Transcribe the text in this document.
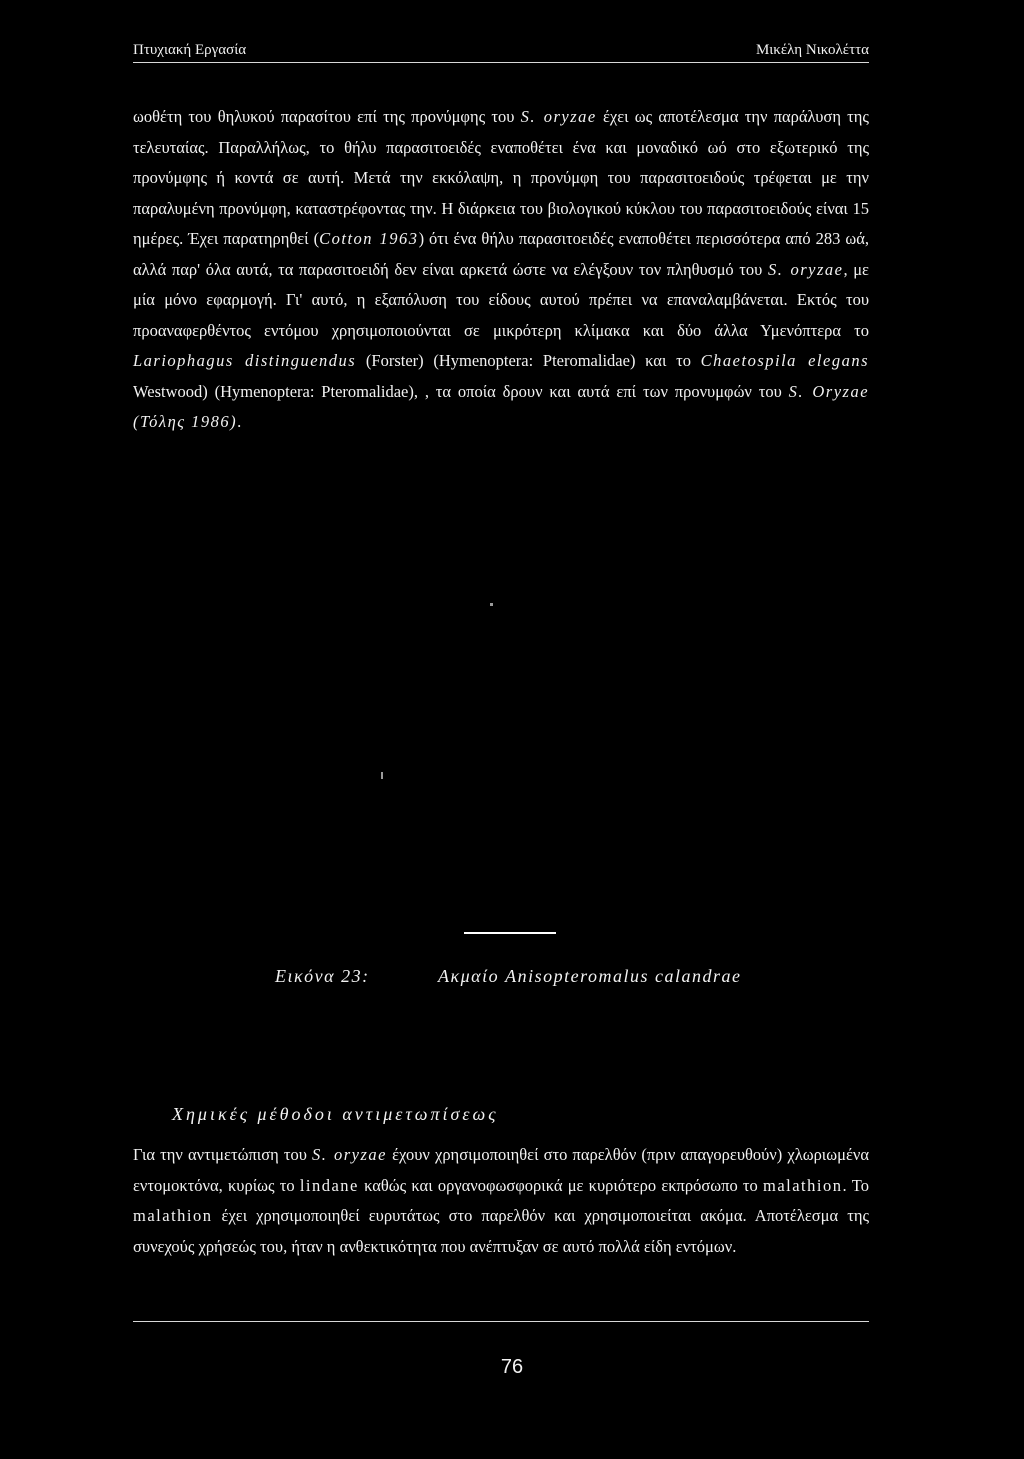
Πτυχιακή Εργασία	Μικέλη Νικολέττα

ωοθέτη του θηλυκού παρασίτου επί της προνύμφης του S. oryzae έχει ως αποτέλεσμα την παράλυση της τελευταίας. Παραλλήλως, το θήλυ παρασιτοειδές εναποθέτει ένα και μοναδικό ωό στο εξωτερικό της προνύμφης ή κοντά σε αυτή. Μετά την εκκόλαψη, η προνύμφη του παρασιτοειδούς τρέφεται με την παραλυμένη προνύμφη, καταστρέφοντας την. Η διάρκεια του βιολογικού κύκλου του παρασιτοειδούς είναι 15 ημέρες. Έχει παρατηρηθεί (Cotton 1963) ότι ένα θήλυ παρασιτοειδές εναποθέτει περισσότερα από 283 ωά, αλλά παρ' όλα αυτά, τα παρασιτοειδή δεν είναι αρκετά ώστε να ελέγξουν τον πληθυσμό του S. oryzae, με μία μόνο εφαρμογή. Γι' αυτό, η εξαπόλυση του είδους αυτού πρέπει να επαναλαμβάνεται. Εκτός του προαναφερθέντος εντόμου χρησιμοποιούνται σε μικρότερη κλίμακα και δύο άλλα Υμενόπτερα το Lariophagus distinguendus (Forster) (Hymenoptera: Pteromalidae) και το Chaetospila elegans Westwood) (Hymenoptera: Pteromalidae), , τα οποία δρουν και αυτά επί των προνυμφών του S. Oryzae (Τόλης 1986).

Εικόνα 23:	Ακμαίο Anisopteromalus calandrae
Χημικές μέθοδοι αντιμετωπίσεως

Για την αντιμετώπιση του S. oryzae έχουν χρησιμοποιηθεί στο παρελθόν (πριν απαγορευθούν) χλωριωμένα εντομοκτόνα, κυρίως το lindane καθώς και οργανοφωσφορικά με κυριότερο εκπρόσωπο το malathion. Το malathion έχει χρησιμοποιηθεί ευρυτάτως στο παρελθόν και χρησιμοποιείται ακόμα. Αποτέλεσμα της συνεχούς χρήσεώς του, ήταν η ανθεκτικότητα που ανέπτυξαν σε αυτό πολλά είδη εντόμων.

76
